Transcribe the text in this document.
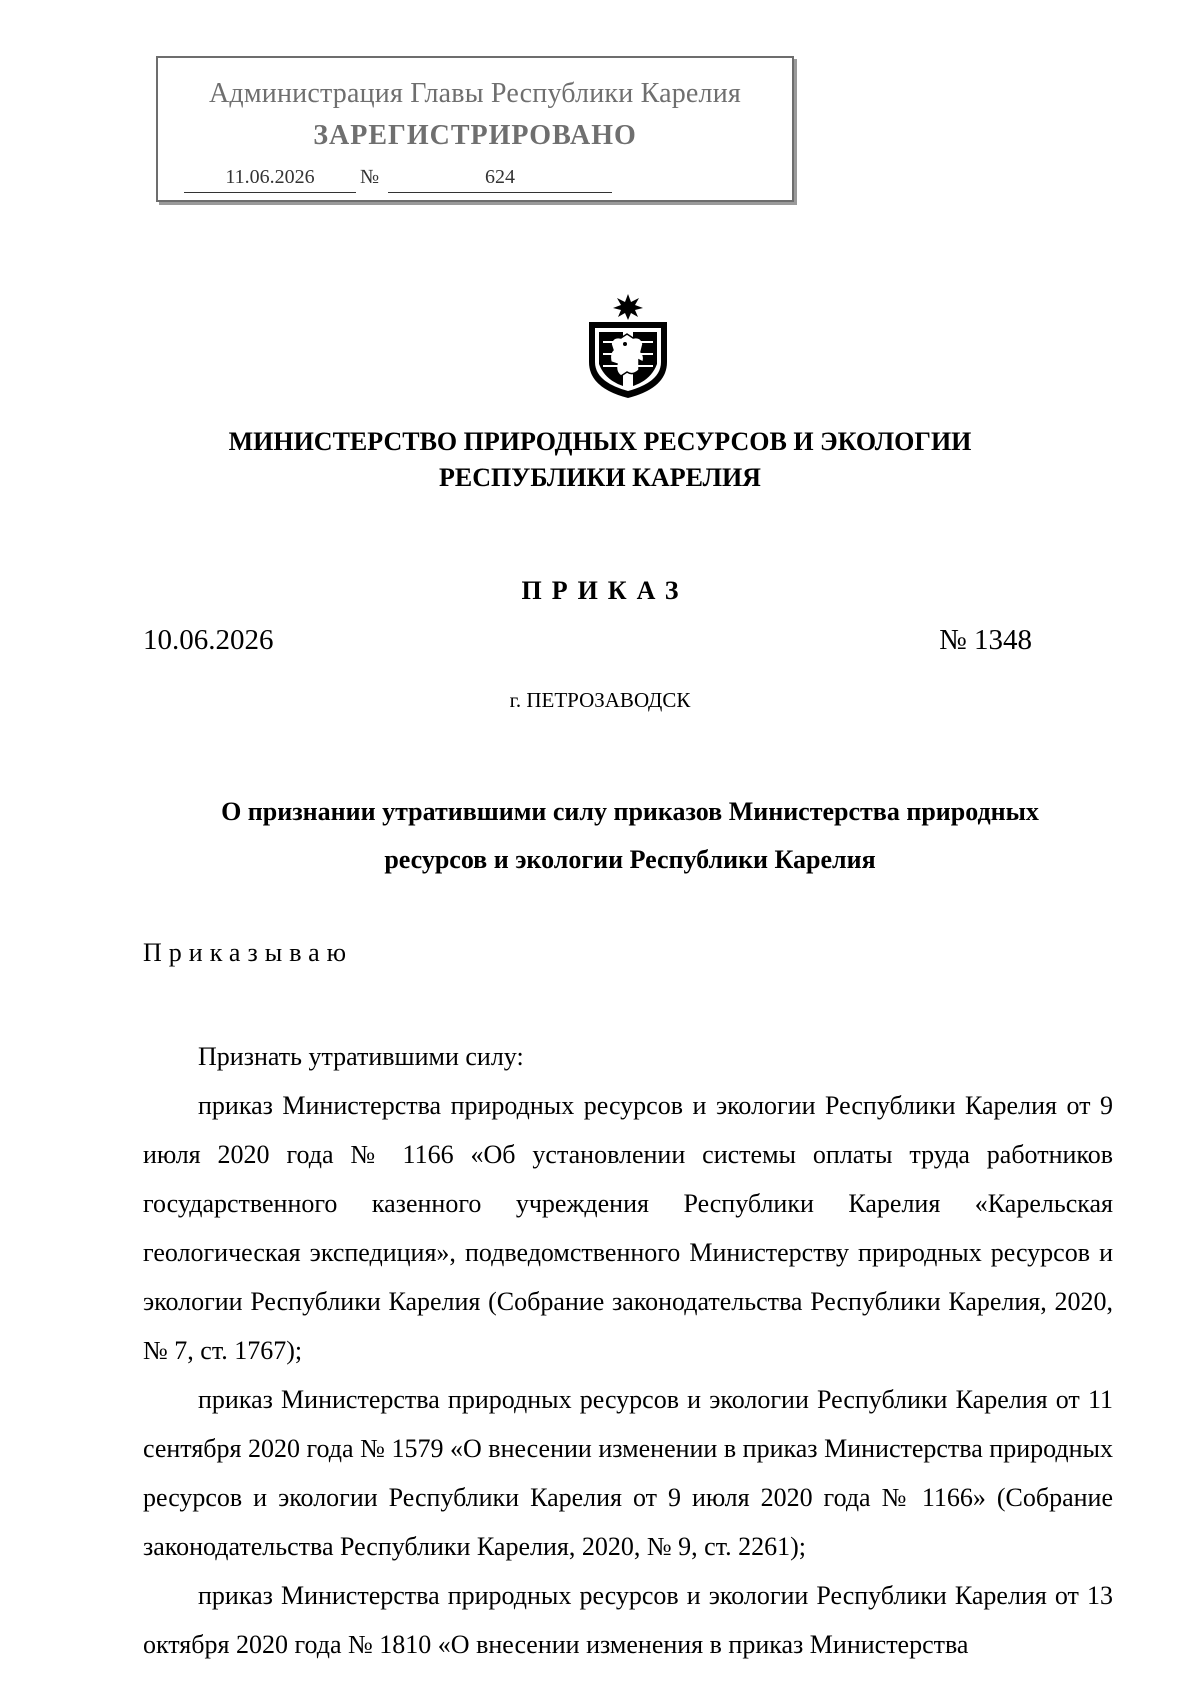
Администрация Главы Республики Карелия
ЗАРЕГИСТРИРОВАНО
11.06.2026	№	624
МИНИСТЕРСТВО ПРИРОДНЫХ РЕСУРСОВ И ЭКОЛОГИИ
РЕСПУБЛИКИ КАРЕЛИЯ
ПРИКАЗ
10.06.2026	№ 1348
г. ПЕТРОЗАВОДСК
О признании утратившими силу приказов Министерства природных
ресурсов и экологии Республики Карелия
Приказываю

Признать утратившими силу:

приказ Министерства природных ресурсов и экологии Республики Карелия от 9 июля 2020 года № 1166 «Об установлении системы оплаты труда работников государственного казенного учреждения Республики Карелия «Карельская геологическая экспедиция», подведомственного Министерству природных ресурсов и экологии Республики Карелия (Собрание законодательства Республики Карелия, 2020, № 7, ст. 1767);

приказ Министерства природных ресурсов и экологии Республики Карелия от 11 сентября 2020 года № 1579 «О внесении изменении в приказ Министерства природных ресурсов и экологии Республики Карелия от 9 июля 2020 года № 1166» (Собрание законодательства Республики Карелия, 2020, № 9, ст. 2261);

приказ Министерства природных ресурсов и экологии Республики Карелия от 13 октября 2020 года № 1810 «О внесении изменения в приказ Министерства
